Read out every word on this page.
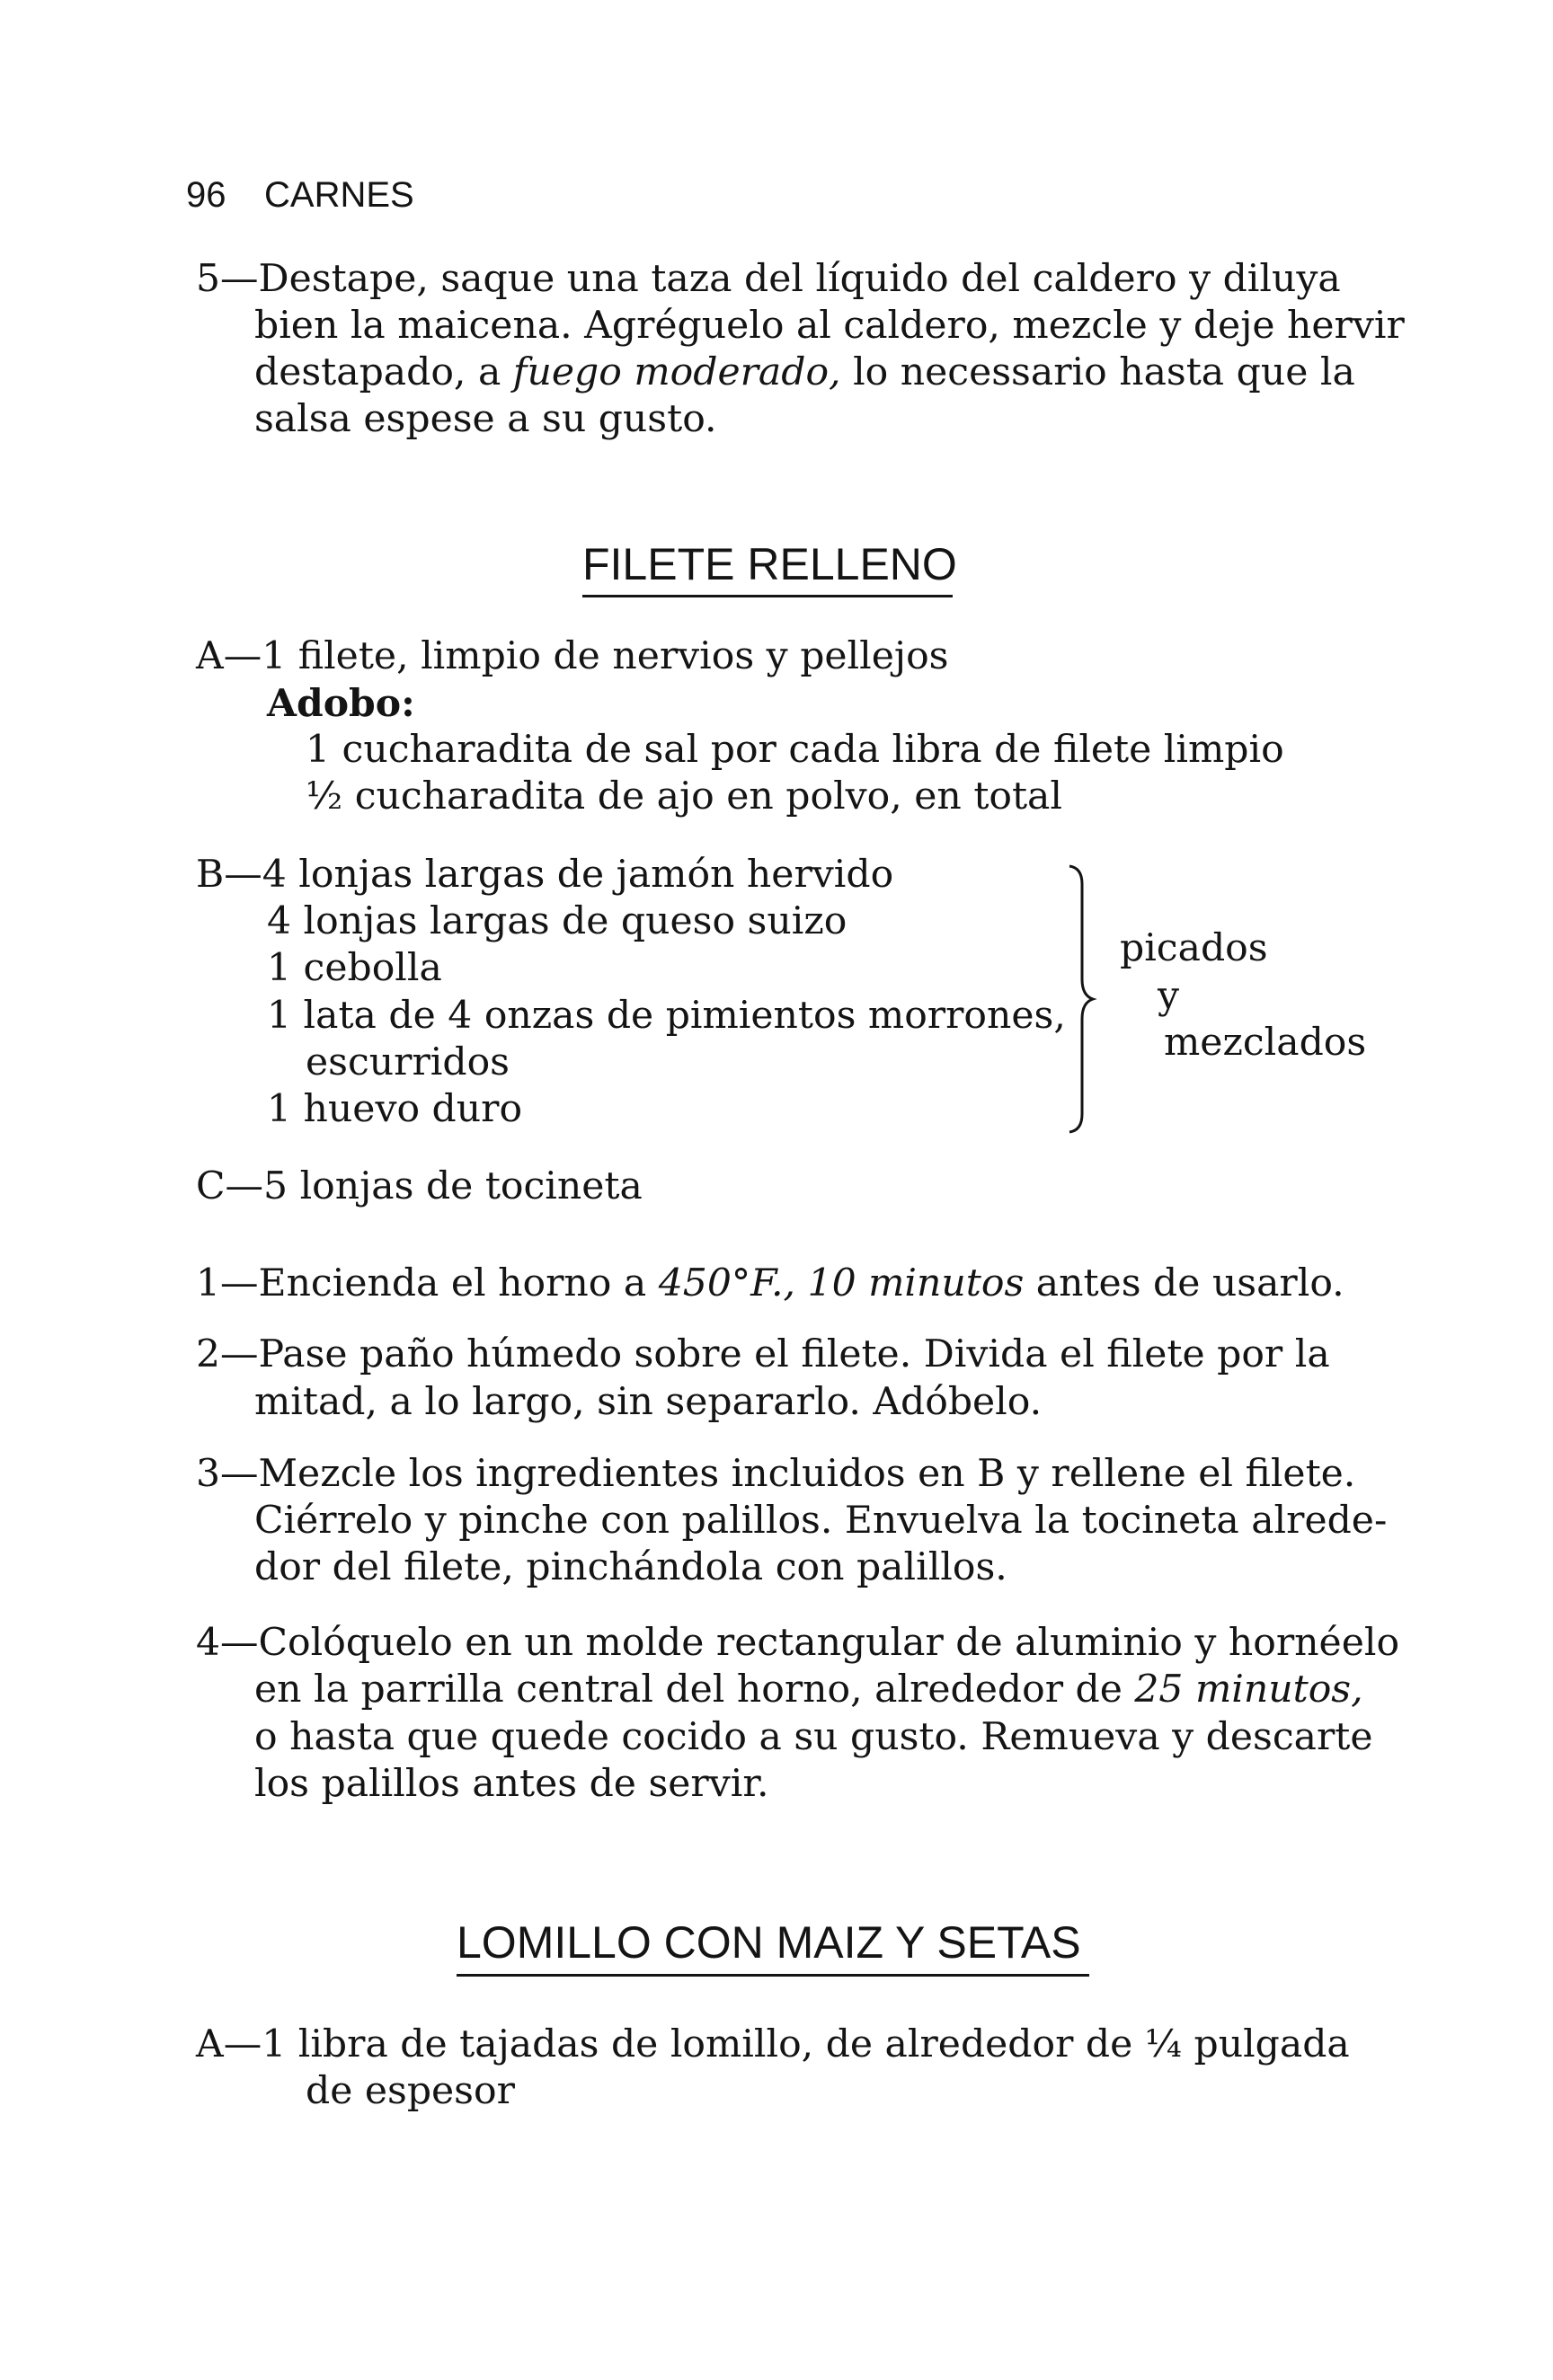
96 CARNES
5—Destape, saque una taza del líquido del caldero y diluya
bien la maicena. Agréguelo al caldero, mezcle y deje hervir
destapado, a fuego moderado, lo necessario hasta que la
salsa espese a su gusto.
FILETE RELLENO
A—1 filete, limpio de nervios y pellejos
Adobo:
1 cucharadita de sal por cada libra de filete limpio
½ cucharadita de ajo en polvo, en total
B—4 lonjas largas de jamón hervido
4 lonjas largas de queso suizo
1 cebolla
1 lata de 4 onzas de pimientos morrones,
escurridos
1 huevo duro
picados
y
mezclados
C—5 lonjas de tocineta
1—Encienda el horno a 450°F., 10 minutos antes de usarlo.
2—Pase paño húmedo sobre el filete. Divida el filete por la
mitad, a lo largo, sin separarlo. Adóbelo.
3—Mezcle los ingredientes incluidos en B y rellene el filete.
Ciérrelo y pinche con palillos. Envuelva la tocineta alrede-
dor del filete, pinchándola con palillos.
4—Colóquelo en un molde rectangular de aluminio y hornéelo
en la parrilla central del horno, alrededor de 25 minutos,
o hasta que quede cocido a su gusto. Remueva y descarte
los palillos antes de servir.
LOMILLO CON MAIZ Y SETAS
A—1 libra de tajadas de lomillo, de alrededor de ¼ pulgada
de espesor
